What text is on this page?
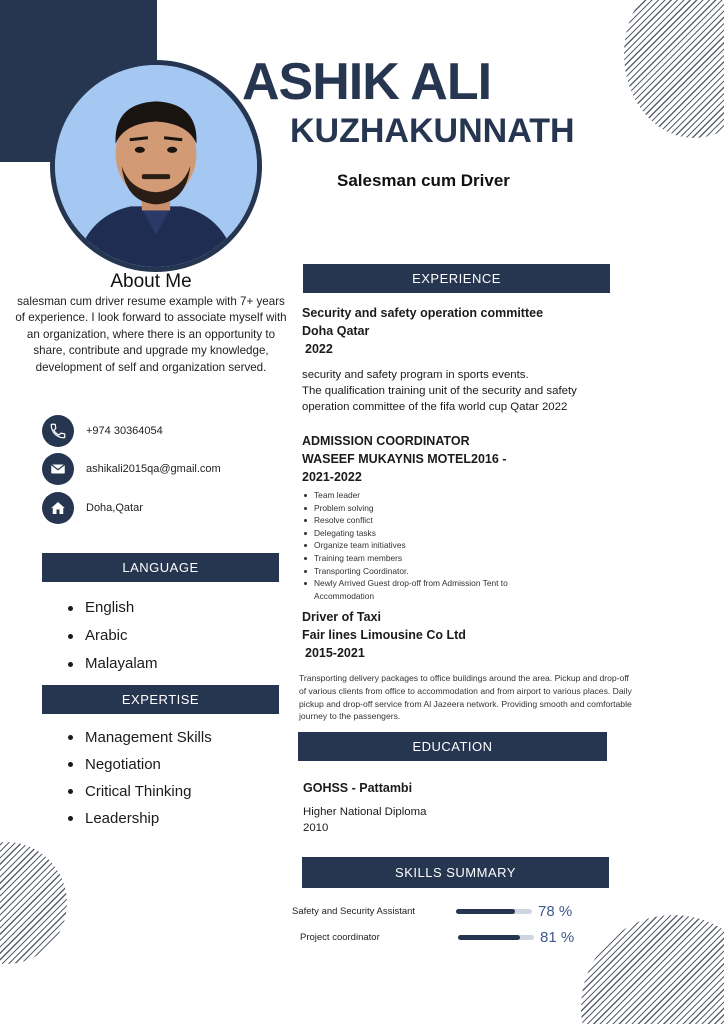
ASHIK ALI
KUZHAKUNNATH
Salesman cum Driver
About Me
salesman cum driver resume example with 7+ years of experience. I look forward to associate myself with an organization, where there is an opportunity to share, contribute and upgrade my knowledge, development of self and organization served.
+974 30364054
ashikali2015qa@gmail.com
Doha,Qatar
LANGUAGE
English
Arabic
Malayalam
EXPERTISE
Management Skills
Negotiation
Critical Thinking
Leadership
EXPERIENCE
Security and safety operation committee
Doha Qatar
2022
security and safety program in sports events.
The qualification training unit of the security and safety
operation committee of the fifa world cup Qatar 2022
ADMISSION COORDINATOR
WASEEF MUKAYNIS MOTEL2016 -
2021-2022
Team leader
Problem solving
Resolve conflict
Delegating tasks
Organize team initiatives
Training team members
Transporting Coordinator.
Newly Arrived Guest drop-off from Admission Tent to Accommodation
Driver of Taxi
Fair lines Limousine Co Ltd
2015-2021
Transporting delivery packages to office buildings around the area. Pickup and drop-off of various clients from office to accommodation and from airport to various places. Daily pickup and drop-off service from Al Jazeera network. Providing smooth and comfortable journey to the passengers.
EDUCATION
GOHSS - Pattambi
Higher National Diploma
2010
SKILLS SUMMARY
Safety and Security Assistant	78 %
Project coordinator	81 %
